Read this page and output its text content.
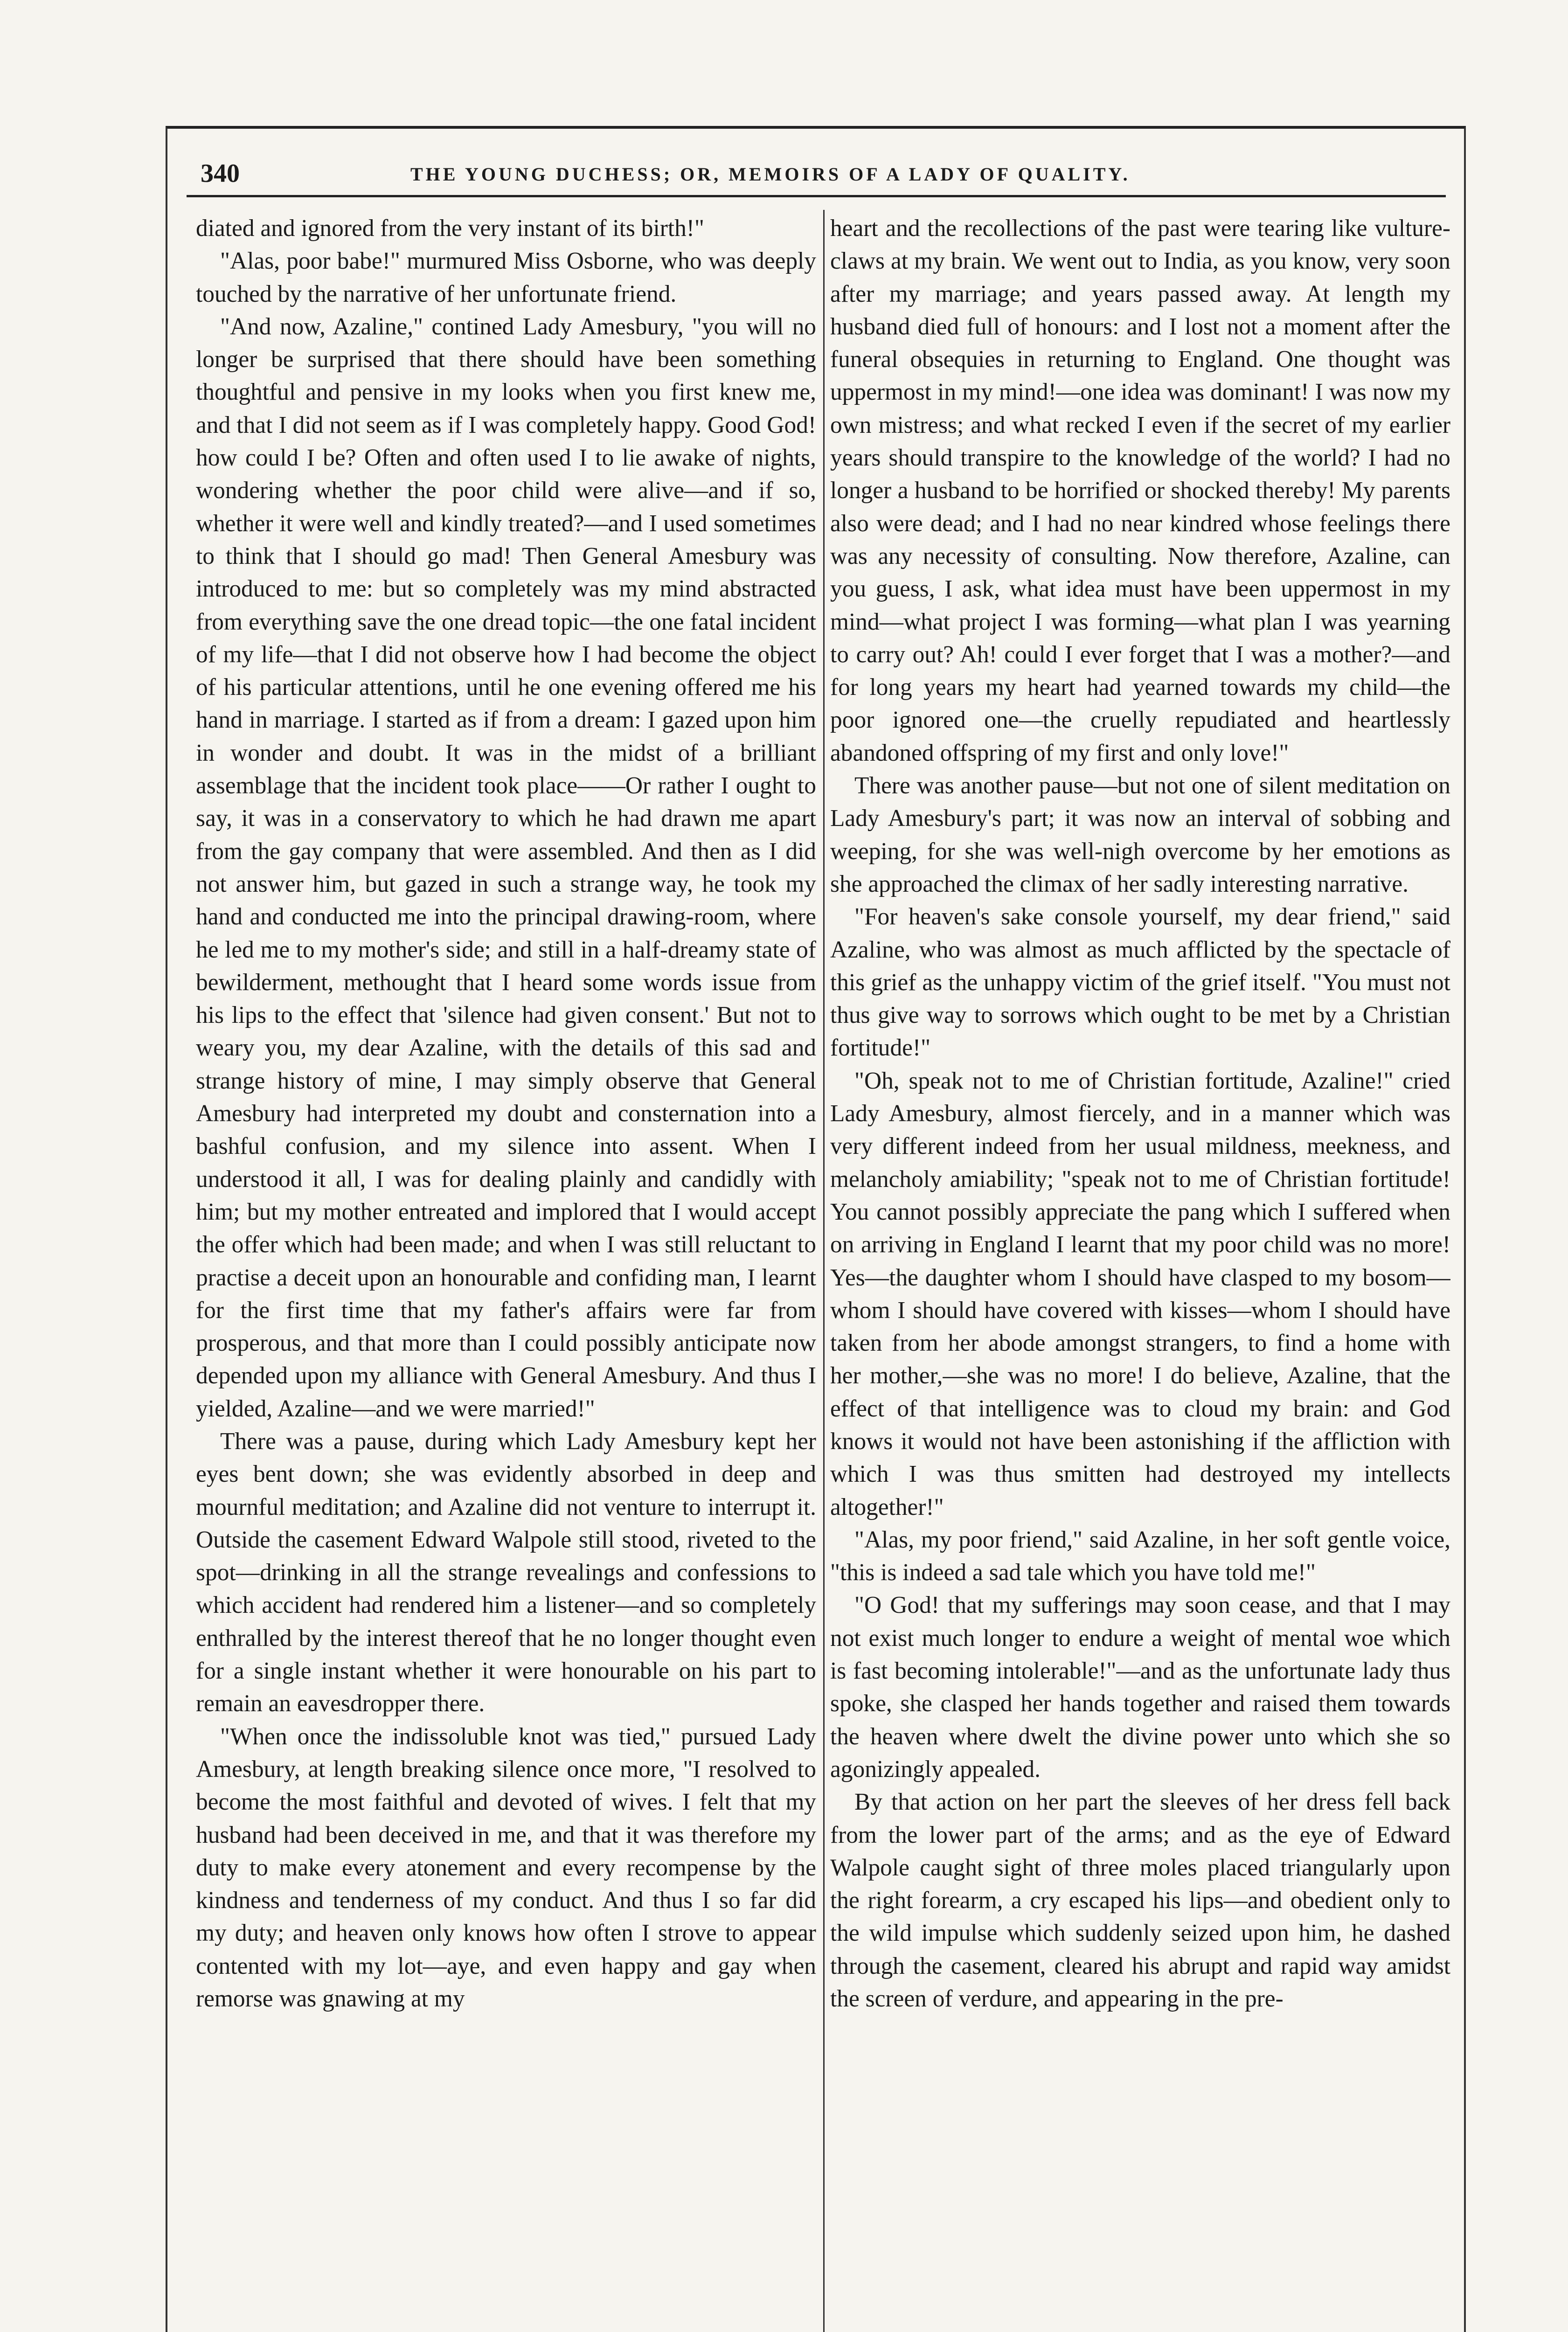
340	THE YOUNG DUCHESS; OR, MEMOIRS OF A LADY OF QUALITY.

diated and ignored from the very instant of its birth!"

"Alas, poor babe!" murmured Miss Osborne, who was deeply touched by the narrative of her unfortunate friend.

"And now, Azaline," contined Lady Amesbury, "you will no longer be surprised that there should have been something thoughtful and pensive in my looks when you first knew me, and that I did not seem as if I was completely happy. Good God! how could I be? Often and often used I to lie awake of nights, wondering whether the poor child were alive—and if so, whether it were well and kindly treated?—and I used sometimes to think that I should go mad! Then General Amesbury was introduced to me: but so completely was my mind abstracted from everything save the one dread topic—the one fatal incident of my life—that I did not observe how I had become the object of his particular attentions, until he one evening offered me his hand in marriage. I started as if from a dream: I gazed upon him in wonder and doubt. It was in the midst of a brilliant assemblage that the incident took place——Or rather I ought to say, it was in a conservatory to which he had drawn me apart from the gay company that were assembled. And then as I did not answer him, but gazed in such a strange way, he took my hand and conducted me into the principal drawing-room, where he led me to my mother's side; and still in a half-dreamy state of bewilderment, methought that I heard some words issue from his lips to the effect that 'silence had given consent.' But not to weary you, my dear Azaline, with the details of this sad and strange history of mine, I may simply observe that General Amesbury had interpreted my doubt and consternation into a bashful confusion, and my silence into assent. When I understood it all, I was for dealing plainly and candidly with him; but my mother entreated and implored that I would accept the offer which had been made; and when I was still reluctant to practise a deceit upon an honourable and confiding man, I learnt for the first time that my father's affairs were far from prosperous, and that more than I could possibly anticipate now depended upon my alliance with General Amesbury. And thus I yielded, Azaline—and we were married!"

There was a pause, during which Lady Amesbury kept her eyes bent down; she was evidently absorbed in deep and mournful meditation; and Azaline did not venture to interrupt it. Outside the casement Edward Walpole still stood, riveted to the spot—drinking in all the strange revealings and confessions to which accident had rendered him a listener—and so completely enthralled by the interest thereof that he no longer thought even for a single instant whether it were honourable on his part to remain an eavesdropper there.

"When once the indissoluble knot was tied," pursued Lady Amesbury, at length breaking silence once more, "I resolved to become the most faithful and devoted of wives. I felt that my husband had been deceived in me, and that it was therefore my duty to make every atonement and every recompense by the kindness and tenderness of my conduct. And thus I so far did my duty; and heaven only knows how often I strove to appear contented with my lot—aye, and even happy and gay when remorse was gnawing at my

heart and the recollections of the past were tearing like vulture-claws at my brain. We went out to India, as you know, very soon after my marriage; and years passed away. At length my husband died full of honours: and I lost not a moment after the funeral obsequies in returning to England. One thought was uppermost in my mind!—one idea was dominant! I was now my own mistress; and what recked I even if the secret of my earlier years should transpire to the knowledge of the world? I had no longer a husband to be horrified or shocked thereby! My parents also were dead; and I had no near kindred whose feelings there was any necessity of consulting. Now therefore, Azaline, can you guess, I ask, what idea must have been uppermost in my mind—what project I was forming—what plan I was yearning to carry out? Ah! could I ever forget that I was a mother?—and for long years my heart had yearned towards my child—the poor ignored one—the cruelly repudiated and heartlessly abandoned offspring of my first and only love!"

There was another pause—but not one of silent meditation on Lady Amesbury's part; it was now an interval of sobbing and weeping, for she was well-nigh overcome by her emotions as she approached the climax of her sadly interesting narrative.

"For heaven's sake console yourself, my dear friend," said Azaline, who was almost as much afflicted by the spectacle of this grief as the unhappy victim of the grief itself. "You must not thus give way to sorrows which ought to be met by a Christian fortitude!"

"Oh, speak not to me of Christian fortitude, Azaline!" cried Lady Amesbury, almost fiercely, and in a manner which was very different indeed from her usual mildness, meekness, and melancholy amiability; "speak not to me of Christian fortitude! You cannot possibly appreciate the pang which I suffered when on arriving in England I learnt that my poor child was no more! Yes—the daughter whom I should have clasped to my bosom—whom I should have covered with kisses—whom I should have taken from her abode amongst strangers, to find a home with her mother,—she was no more! I do believe, Azaline, that the effect of that intelligence was to cloud my brain: and God knows it would not have been astonishing if the affliction with which I was thus smitten had destroyed my intellects altogether!"

"Alas, my poor friend," said Azaline, in her soft gentle voice, "this is indeed a sad tale which you have told me!"

"O God! that my sufferings may soon cease, and that I may not exist much longer to endure a weight of mental woe which is fast becoming intolerable!"—and as the unfortunate lady thus spoke, she clasped her hands together and raised them towards the heaven where dwelt the divine power unto which she so agonizingly appealed.

By that action on her part the sleeves of her dress fell back from the lower part of the arms; and as the eye of Edward Walpole caught sight of three moles placed triangularly upon the right forearm, a cry escaped his lips—and obedient only to the wild impulse which suddenly seized upon him, he dashed through the casement, cleared his abrupt and rapid way amidst the screen of verdure, and appearing in the pre-
